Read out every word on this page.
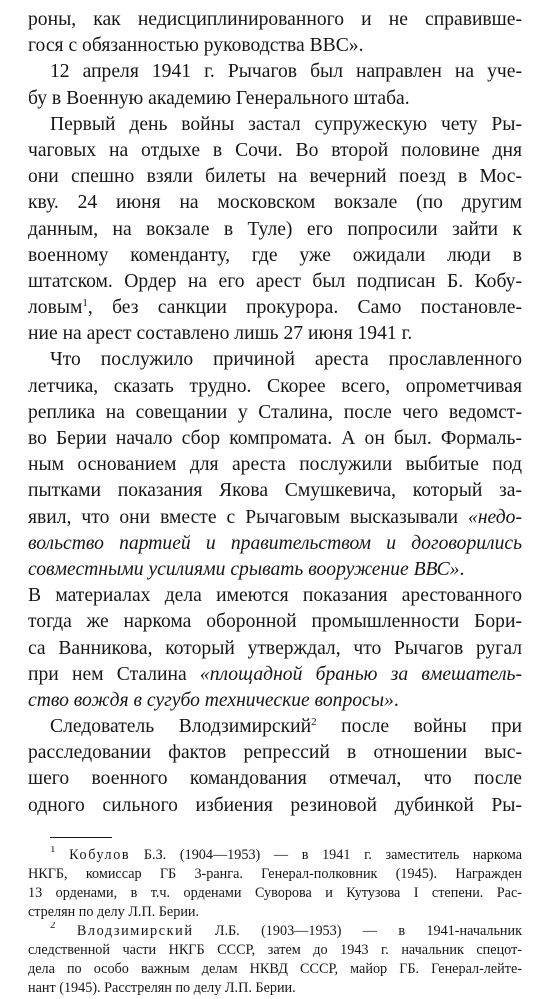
роны, как недисциплинированного и не справивше-
гося с обязанностью руководства ВВС».

12 апреля 1941 г. Рычагов был направлен на уче-
бу в Военную академию Генерального штаба.

Первый день войны застал супружескую чету Ры-
чаговых на отдыхе в Сочи. Во второй половине дня
они спешно взяли билеты на вечерний поезд в Мос-
кву. 24 июня на московском вокзале (по другим
данным, на вокзале в Туле) его попросили зайти к
военному коменданту, где уже ожидали люди в
штатском. Ордер на его арест был подписан Б. Кобу-
ловым$^1$, без санкции прокурора. Само постановле-
ние на арест составлено лишь 27 июня 1941 г.

Что послужило причиной ареста прославленного
летчика, сказать трудно. Скорее всего, опрометчивая
реплика на совещании у Сталина, после чего ведомст-
во Берии начало сбор компромата. А он был. Формаль-
ным основанием для ареста послужили выбитые под
пытками показания Якова Смушкевича, который за-
явил, что они вместе с Рычаговым высказывали «недо-
вольство партией и правительством и договорились
совместными усилиями срывать вооружение ВВС».
В материалах дела имеются показания арестованного
тогда же наркома оборонной промышленности Бори-
са Ванникова, который утверждал, что Рычагов ругал
при нем Сталина «площадной бранью за вмешатель-
ство вождя в сугубо технические вопросы».

Следователь Влодзимирский$^2$ после войны при
расследовании фактов репрессий в отношении выс-
шего военного командования отмечал, что после
одного сильного избиения резиновой дубинкой Ры-

$^1$ Кобулов Б.З. (1904—1953) — в 1941 г. заместитель наркома
НКГБ, комиссар ГБ 3-ранга. Генерал-полковник (1945). Награжден
13 орденами, в т.ч. орденами Суворова и Кутузова I степени. Рас-
стрелян по делу Л.П. Берии.
$^2$ Влодзимирский Л.Б. (1903—1953) — в 1941-начальник
следственной части НКГБ СССР, затем до 1943 г. начальник спецот-
дела по особо важным делам НКВД СССР, майор ГБ. Генерал-лейте-
нант (1945). Расстрелян по делу Л.П. Берии.
